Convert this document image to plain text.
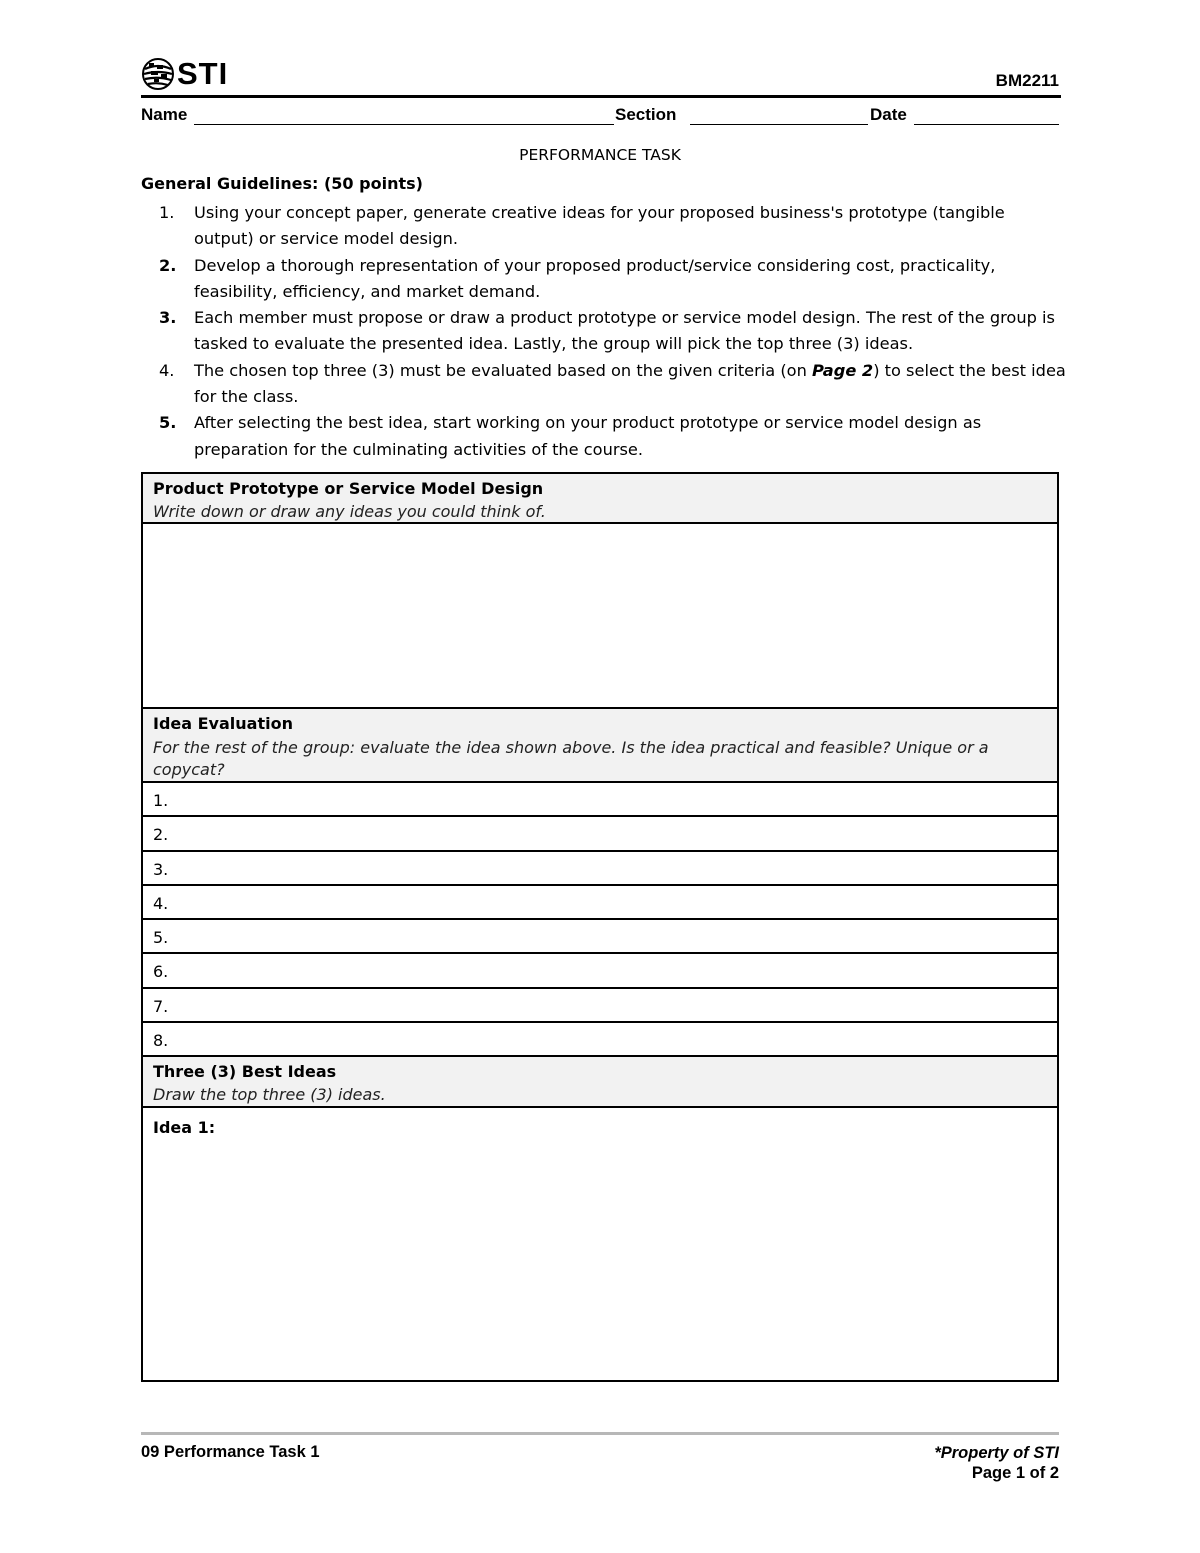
STI	BM2211
Name	Section	Date
PERFORMANCE TASK
General Guidelines: (50 points)
1.	Using your concept paper, generate creative ideas for your proposed business's prototype (tangible output) or service model design.
2.	Develop a thorough representation of your proposed product/service considering cost, practicality, feasibility, efficiency, and market demand.
3.	Each member must propose or draw a product prototype or service model design. The rest of the group is tasked to evaluate the presented idea. Lastly, the group will pick the top three (3) ideas.
4.	The chosen top three (3) must be evaluated based on the given criteria (on Page 2) to select the best idea for the class.
5.	After selecting the best idea, start working on your product prototype or service model design as preparation for the culminating activities of the course.
Product Prototype or Service Model Design
Write down or draw any ideas you could think of.
Idea Evaluation
For the rest of the group: evaluate the idea shown above. Is the idea practical and feasible? Unique or a copycat?
1.
2.
3.
4.
5.
6.
7.
8.
Three (3) Best Ideas
Draw the top three (3) ideas.
Idea 1:
09 Performance Task 1	*Property of STI
Page 1 of 2
